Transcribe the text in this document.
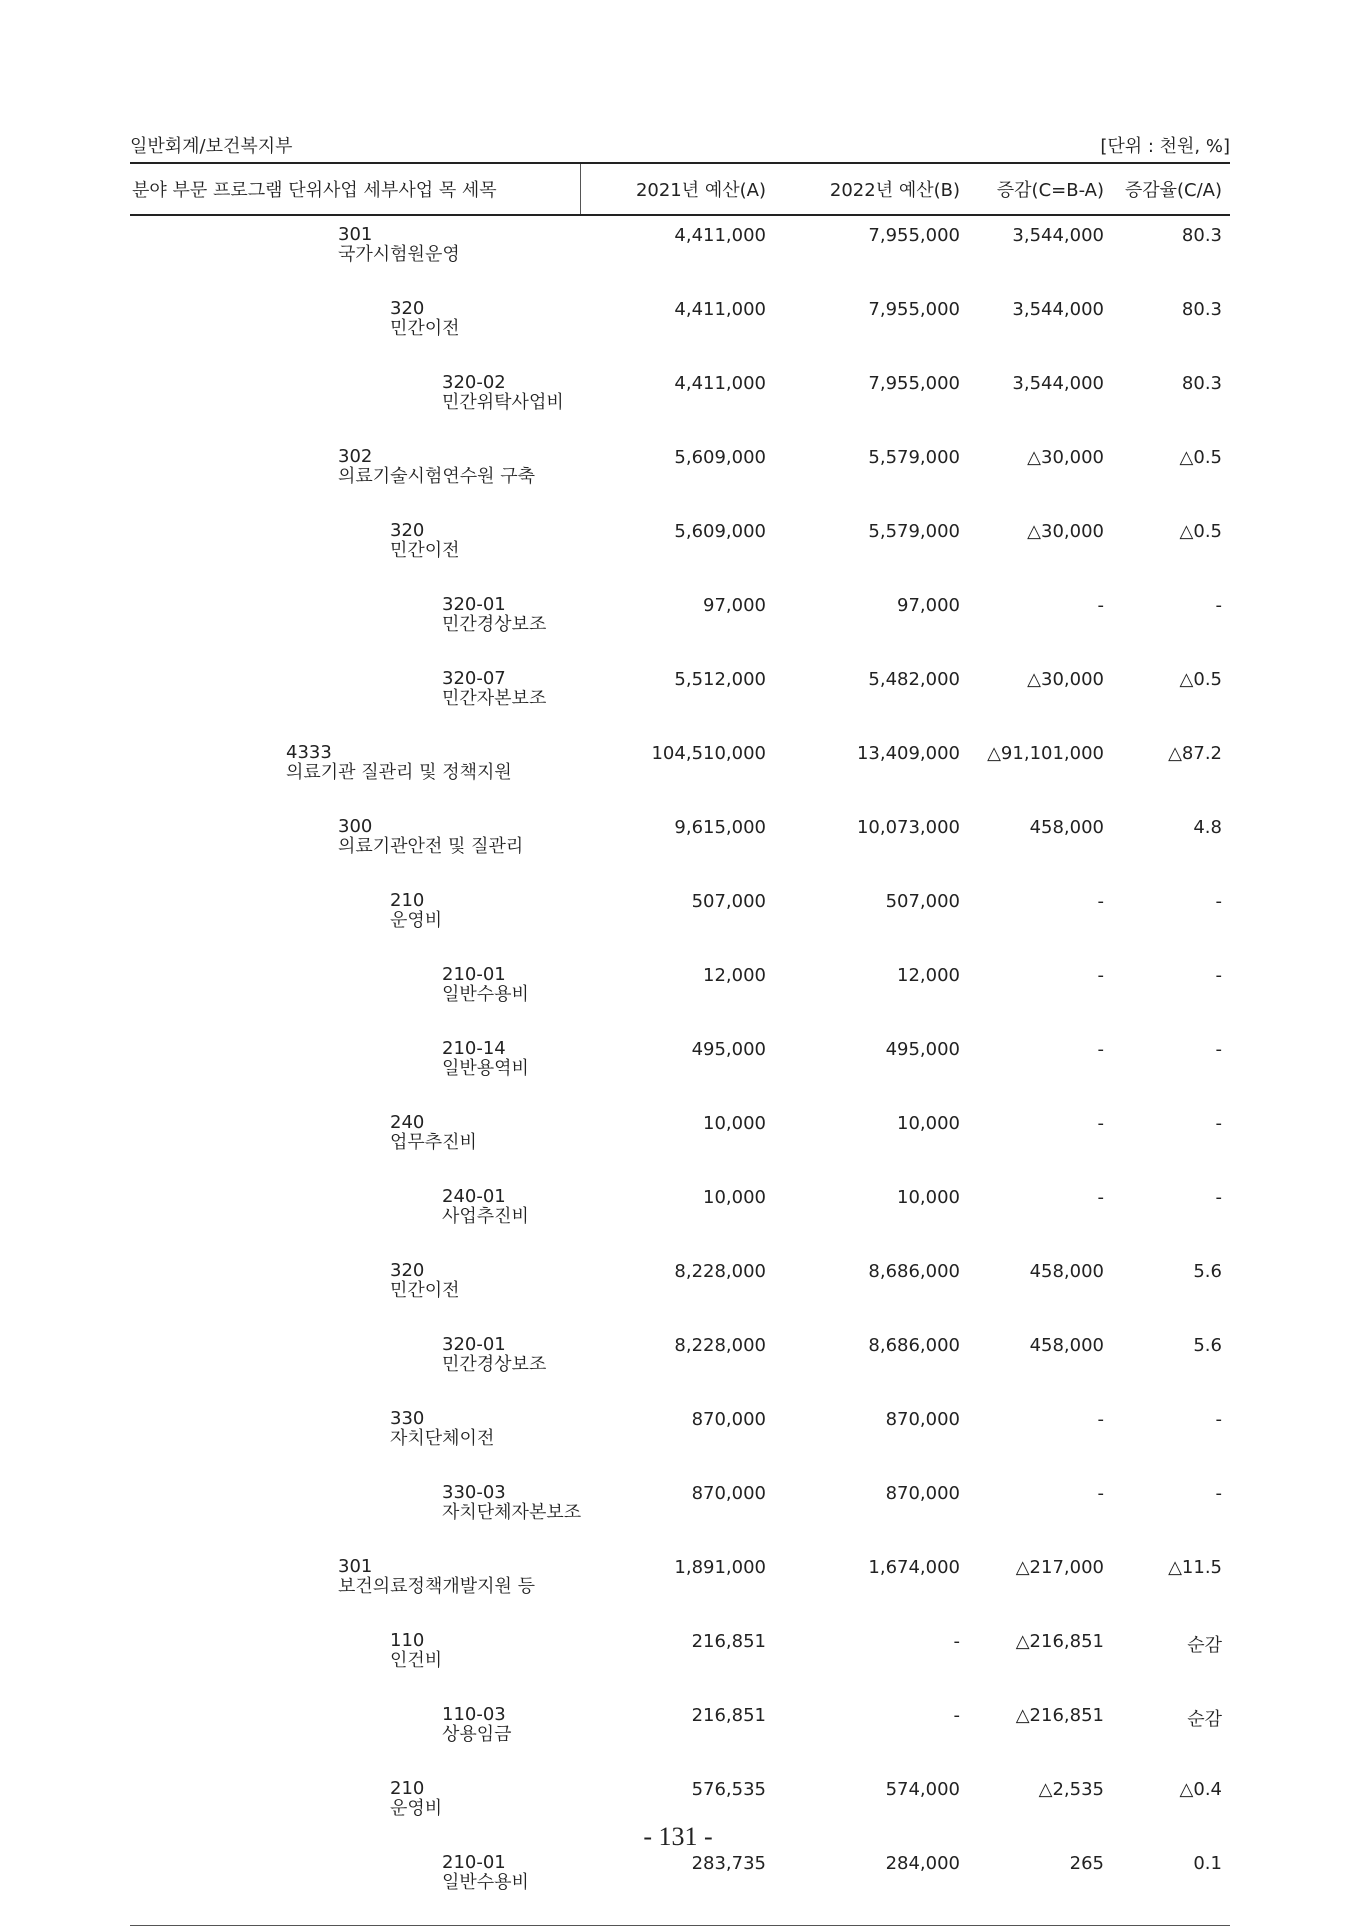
일반회계/보건복지부	[단위 : 천원, %]
분야 부문 프로그램 단위사업 세부사업 목 세목	2021년 예산(A)	2022년 예산(B)	증감(C=B-A)	증감율(C/A)

301
국가시험원운영	4,411,000	7,955,000	3,544,000	80.3

320
민간이전	4,411,000	7,955,000	3,544,000	80.3

320-02
민간위탁사업비	4,411,000	7,955,000	3,544,000	80.3

302
의료기술시험연수원 구축	5,609,000	5,579,000	△30,000	△0.5

320
민간이전	5,609,000	5,579,000	△30,000	△0.5

320-01
민간경상보조	97,000	97,000	-	-

320-07
민간자본보조	5,512,000	5,482,000	△30,000	△0.5

4333
의료기관 질관리 및 정책지원	104,510,000	13,409,000	△91,101,000	△87.2

300
의료기관안전 및 질관리	9,615,000	10,073,000	458,000	4.8

210
운영비	507,000	507,000	-	-

210-01
일반수용비	12,000	12,000	-	-

210-14
일반용역비	495,000	495,000	-	-

240
업무추진비	10,000	10,000	-	-

240-01
사업추진비	10,000	10,000	-	-

320
민간이전	8,228,000	8,686,000	458,000	5.6

320-01
민간경상보조	8,228,000	8,686,000	458,000	5.6

330
자치단체이전	870,000	870,000	-	-

330-03
자치단체자본보조	870,000	870,000	-	-

301
보건의료정책개발지원 등	1,891,000	1,674,000	△217,000	△11.5

110
인건비	216,851	-	△216,851	순감

110-03
상용임금	216,851	-	△216,851	순감

210
운영비	576,535	574,000	△2,535	△0.4

210-01
일반수용비	283,735	284,000	265	0.1
- 131 -
